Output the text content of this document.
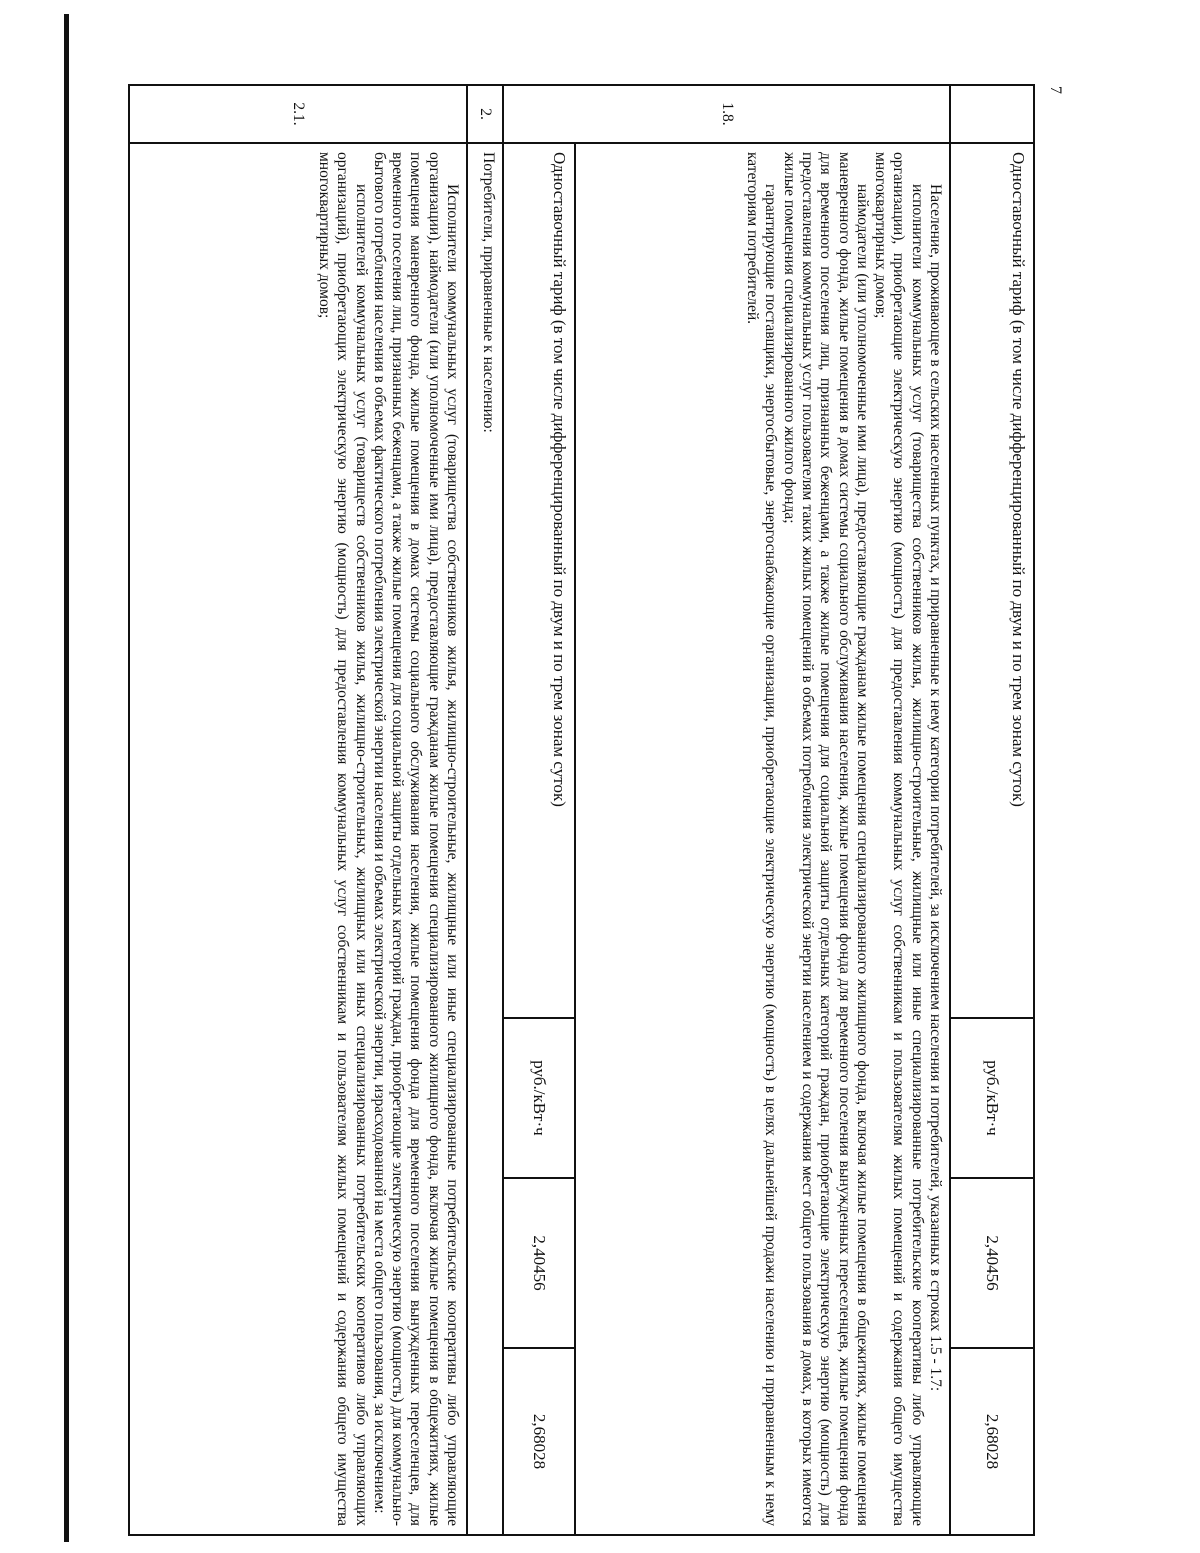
7
	Одноставочный тариф (в том числе дифференцированный по двум и по трем зонам суток)	руб./кВт·ч	2,40456	2,68028
1.8.	Население, проживающее в сельских населенных пунктах, и приравненные к нему категории потребителей, за исключением населения и потребителей, указанных в строках 1.5 - 1.7:

исполнители коммунальных услуг (товарищества собственников жилья, жилищно-строительные, жилищные или иные специализированные потребительские кооперативы либо управляющие организации), приобретающие электрическую энергию (мощность) для предоставления коммунальных услуг собственникам и пользователям жилых помещений и содержания общего имущества многоквартирных домов;

наймодатели (или уполномоченные ими лица), предоставляющие гражданам жилые помещения специализированного жилищного фонда, включая жилые помещения в общежитиях, жилые помещения маневренного фонда, жилые помещения в домах системы социального обслуживания населения, жилые помещения фонда для временного поселения вынужденных переселенцев, жилые помещения фонда для временного поселения лиц, признанных беженцами, а также жилые помещения для социальной защиты отдельных категорий граждан, приобретающие электрическую энергию (мощность) для предоставления коммунальных услуг пользователям таких жилых помещений в объемах потребления электрической энергии населением и содержания мест общего пользования в домах, в которых имеются жилые помещения специализированного жилого фонда;

гарантирующие поставщики, энергосбытовые, энергоснабжающие организации, приобретающие электрическую энергию (мощность) в целях дальнейшей продажи населению и приравненным к нему категориям потребителей.			

	Одноставочный тариф (в том числе дифференцированный по двум и по трем зонам суток)	руб./кВт·ч	2,40456	2,68028
2.	Потребители, приравненные к населению:			
2.1.	Исполнители коммунальных услуг (товарищества собственников жилья, жилищно-строительные, жилищные или иные специализированные потребительские кооперативы либо управляющие организации), наймодатели (или уполномоченные ими лица), предоставляющие гражданам жилые помещения специализированного жилищного фонда, включая жилые помещения в общежитиях, жилые помещения маневренного фонда, жилые помещения в домах системы социального обслуживания населения, жилые помещения фонда для временного поселения вынужденных переселенцев, для временного поселения лиц, признанных беженцами, а также жилые помещения для социальной защиты отдельных категорий граждан, приобретающие электрическую энергию (мощность) для коммунально-бытового потребления населения в объемах фактического потребления электрической энергии населения и объемах электрической энергии, израсходованной на места общего пользования, за исключением:

исполнителей коммунальных услуг (товариществ собственников жилья, жилищно-строительных, жилищных или иных специализированных потребительских кооперативов либо управляющих организаций), приобретающих электрическую энергию (мощность) для предоставления коммунальных услуг собственникам и пользователям жилых помещений и содержания общего имущества многоквартирных домов;			
